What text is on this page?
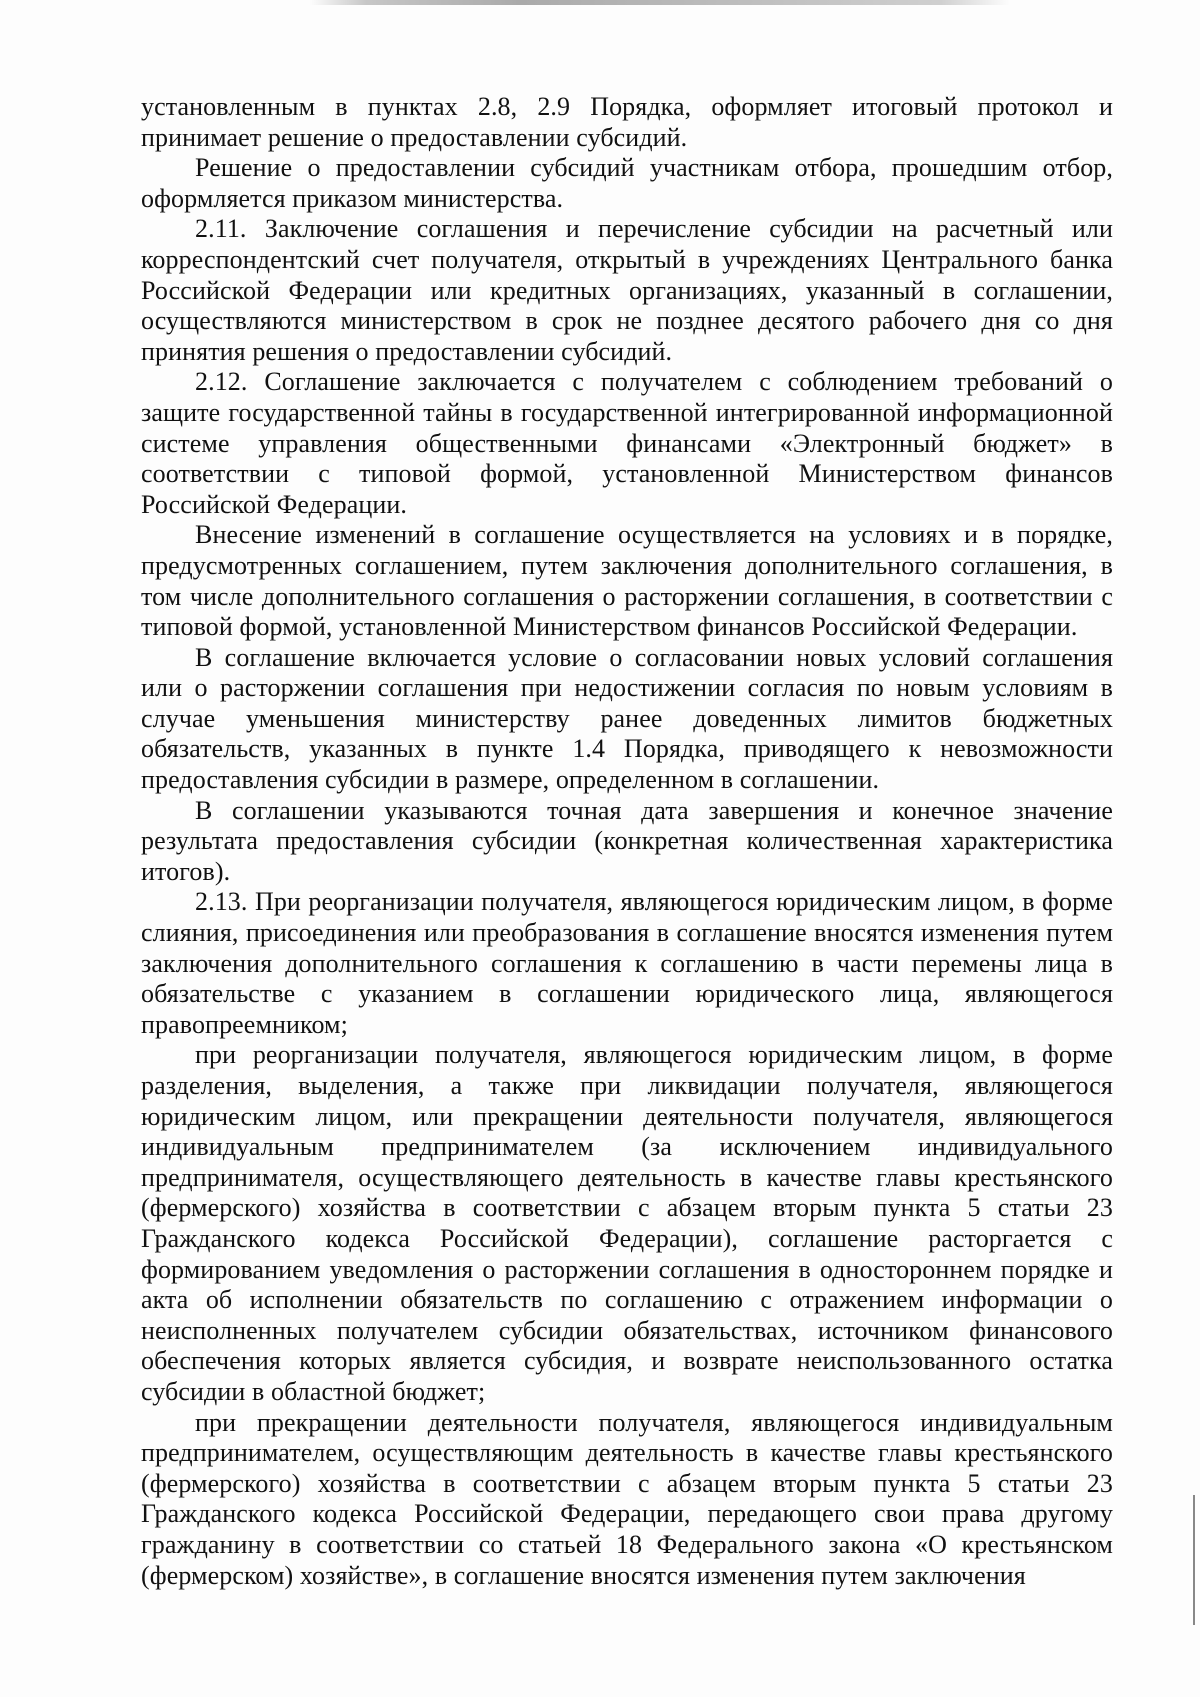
установленным в пунктах 2.8, 2.9 Порядка, оформляет итоговый протокол и принимает решение о предоставлении субсидий.

Решение о предоставлении субсидий участникам отбора, прошедшим отбор, оформляется приказом министерства.

2.11. Заключение соглашения и перечисление субсидии на расчетный или корреспондентский счет получателя, открытый в учреждениях Центрального банка Российской Федерации или кредитных организациях, указанный в соглашении, осуществляются министерством в срок не позднее десятого рабочего дня со дня принятия решения о предоставлении субсидий.

2.12. Соглашение заключается с получателем с соблюдением требований о защите государственной тайны в государственной интегрированной информационной системе управления общественными финансами «Электронный бюджет» в соответствии с типовой формой, установленной Министерством финансов Российской Федерации.

Внесение изменений в соглашение осуществляется на условиях и в порядке, предусмотренных соглашением, путем заключения дополнительного соглашения, в том числе дополнительного соглашения о расторжении соглашения, в соответствии с типовой формой, установленной Министерством финансов Российской Федерации.

В соглашение включается условие о согласовании новых условий соглашения или о расторжении соглашения при недостижении согласия по новым условиям в случае уменьшения министерству ранее доведенных лимитов бюджетных обязательств, указанных в пункте 1.4 Порядка, приводящего к невозможности предоставления субсидии в размере, определенном в соглашении.

В соглашении указываются точная дата завершения и конечное значение результата предоставления субсидии (конкретная количественная характеристика итогов).

2.13. При реорганизации получателя, являющегося юридическим лицом, в форме слияния, присоединения или преобразования в соглашение вносятся изменения путем заключения дополнительного соглашения к соглашению в части перемены лица в обязательстве с указанием в соглашении юридического лица, являющегося правопреемником;

при реорганизации получателя, являющегося юридическим лицом, в форме разделения, выделения, а также при ликвидации получателя, являющегося юридическим лицом, или прекращении деятельности получателя, являющегося индивидуальным предпринимателем (за исключением индивидуального предпринимателя, осуществляющего деятельность в качестве главы крестьянского (фермерского) хозяйства в соответствии с абзацем вторым пункта 5 статьи 23 Гражданского кодекса Российской Федерации), соглашение расторгается с формированием уведомления о расторжении соглашения в одностороннем порядке и акта об исполнении обязательств по соглашению с отражением информации о неисполненных получателем субсидии обязательствах, источником финансового обеспечения которых является субсидия, и возврате неиспользованного остатка субсидии в областной бюджет;

при прекращении деятельности получателя, являющегося индивидуальным предпринимателем, осуществляющим деятельность в качестве главы крестьянского (фермерского) хозяйства в соответствии с абзацем вторым пункта 5 статьи 23 Гражданского кодекса Российской Федерации, передающего свои права другому гражданину в соответствии со статьей 18 Федерального закона «О крестьянском (фермерском) хозяйстве», в соглашение вносятся изменения путем заключения
